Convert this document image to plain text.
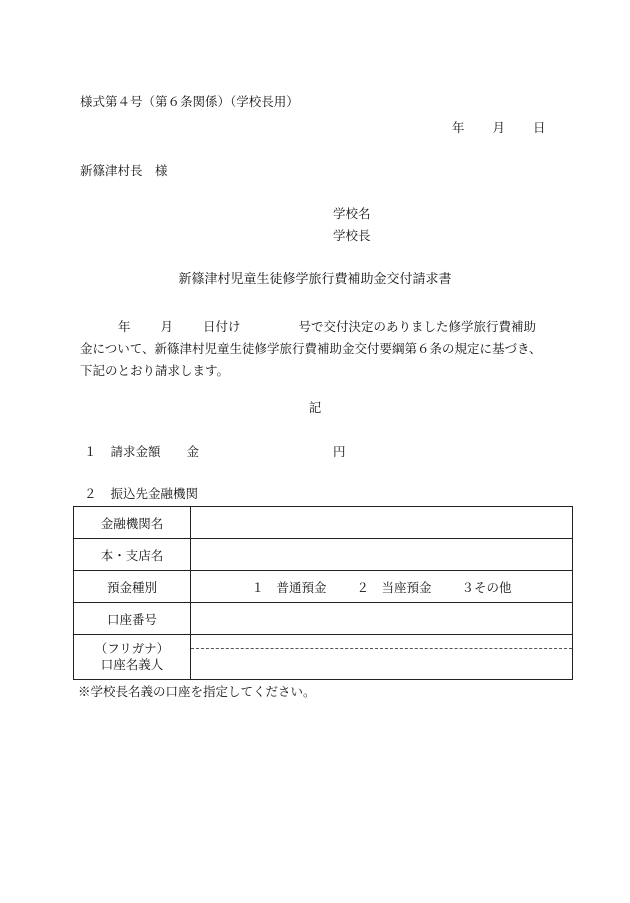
様式第４号（第６条関係）（学校長用）
年 月 日
新篠津村長　様
学校名
学校長
新篠津村児童生徒修学旅行費補助金交付請求書
年 月 日付け	号で交付決定のありました修学旅行費補助
金について、新篠津村児童生徒修学旅行費補助金交付要綱第６条の規定に基づき、
下記のとおり請求します。
記
１ 請求金額 金	円
２ 振込先金融機関
金融機関名	
本・支店名	
預金種別	１　普通預金 ２　当座預金 ３その他
口座番号	

（フリガナ）
口座名義人	

※学校長名義の口座を指定してください。
